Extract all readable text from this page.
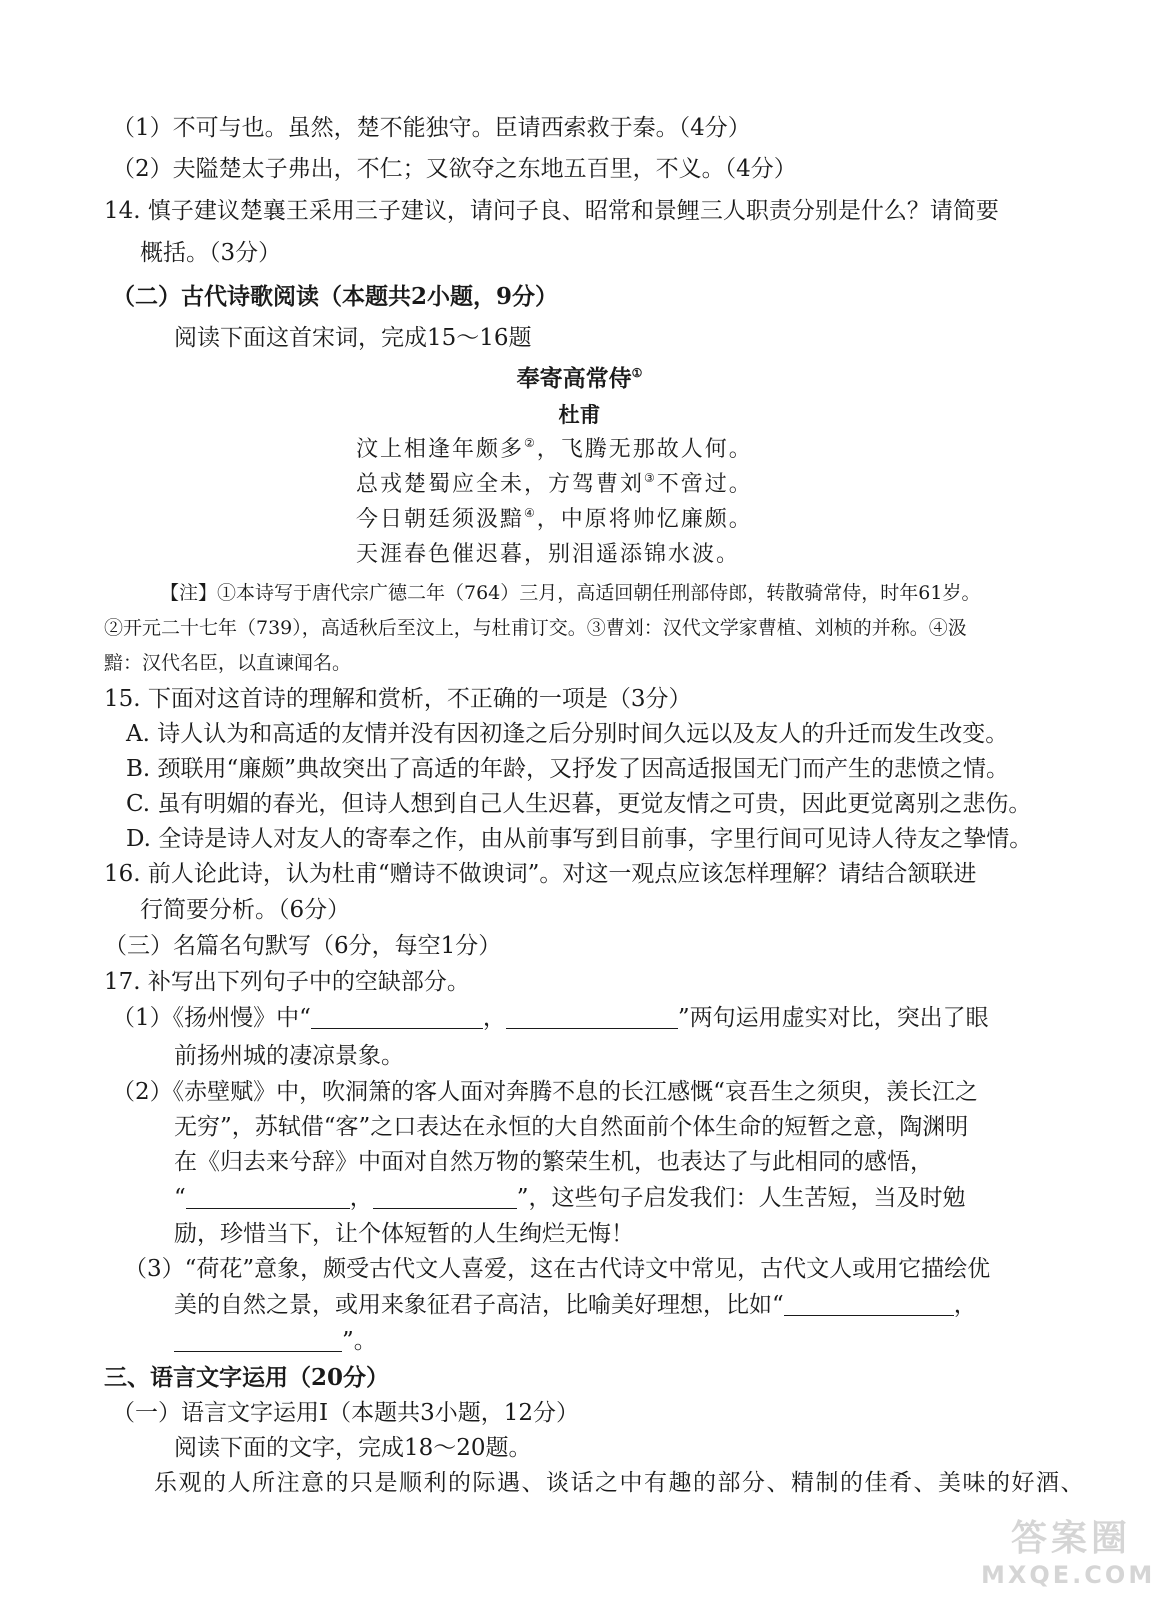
（1）不可与也。虽然，楚不能独守。臣请西索救于秦。（4分）
（2）夫隘楚太子弗出，不仁；又欲夺之东地五百里，不义。（4分）
14. 慎子建议楚襄王采用三子建议，请问子良、昭常和景鲤三人职责分别是什么？请简要
概括。（3分）
（二）古代诗歌阅读（本题共2小题，9分）
阅读下面这首宋词，完成15～16题
奉寄高常侍①
杜甫
汶上相逢年颇多②，飞腾无那故人何。
总戎楚蜀应全未，方驾曹刘③不啻过。
今日朝廷须汲黯④，中原将帅忆廉颇。
天涯春色催迟暮，别泪遥添锦水波。
【注】①本诗写于唐代宗广德二年（764）三月，高适回朝任刑部侍郎，转散骑常侍，时年61岁。
②开元二十七年（739），高适秋后至汶上，与杜甫订交。③曹刘：汉代文学家曹植、刘桢的并称。④汲
黯：汉代名臣，以直谏闻名。
15. 下面对这首诗的理解和赏析，不正确的一项是（3分）
A. 诗人认为和高适的友情并没有因初逢之后分别时间久远以及友人的升迁而发生改变。
B. 颈联用“廉颇”典故突出了高适的年龄，又抒发了因高适报国无门而产生的悲愤之情。
C. 虽有明媚的春光，但诗人想到自己人生迟暮，更觉友情之可贵，因此更觉离别之悲伤。
D. 全诗是诗人对友人的寄奉之作，由从前事写到目前事，字里行间可见诗人待友之挚情。
16. 前人论此诗，认为杜甫“赠诗不做谀词”。对这一观点应该怎样理解？请结合颔联进
行简要分析。（6分）
（三）名篇名句默写（6分，每空1分）
17. 补写出下列句子中的空缺部分。
（1）《扬州慢》中“	，	”两句运用虚实对比，突出了眼
前扬州城的凄凉景象。
（2）《赤壁赋》中，吹洞箫的客人面对奔腾不息的长江感慨“哀吾生之须臾，羡长江之
无穷”，苏轼借“客”之口表达在永恒的大自然面前个体生命的短暂之意，陶渊明
在《归去来兮辞》中面对自然万物的繁荣生机，也表达了与此相同的感悟，
“	，	”，这些句子启发我们：人生苦短，当及时勉
励，珍惜当下，让个体短暂的人生绚烂无悔！
（3）“荷花”意象，颇受古代文人喜爱，这在古代诗文中常见，古代文人或用它描绘优
美的自然之景，或用来象征君子高洁，比喻美好理想，比如“	，
”。
三、语言文字运用（20分）
（一）语言文字运用Ⅰ（本题共3小题，12分）
阅读下面的文字，完成18～20题。
乐观的人所注意的只是顺利的际遇、谈话之中有趣的部分、精制的佳肴、美味的好酒、
答案圈
MXQE.COM
